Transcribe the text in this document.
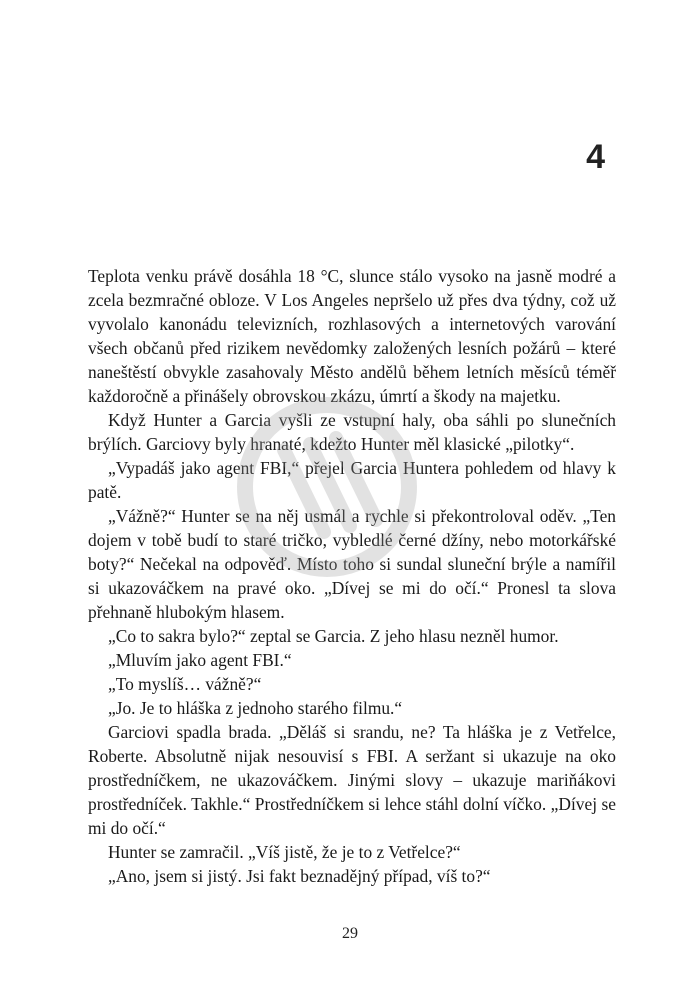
4

Teplota venku právě dosáhla 18 °C, slunce stálo vysoko na jasně modré a zcela bezmračné obloze. V Los Angeles nepršelo už přes dva týdny, což už vyvolalo kanonádu televizních, rozhlasových a internetových varování všech občanů před rizikem nevědomky založených lesních požárů – které naneštěstí obvykle zasahovaly Město andělů během letních měsíců téměř každoročně a přinášely obrovskou zkázu, úmrtí a škody na majetku.

Když Hunter a Garcia vyšli ze vstupní haly, oba sáhli po slunečních brýlích. Garciovy byly hranaté, kdežto Hunter měl klasické „pilotky“.

„Vypadáš jako agent FBI,“ přejel Garcia Huntera pohledem od hlavy k patě.

„Vážně?“ Hunter se na něj usmál a rychle si překontroloval oděv. „Ten dojem v tobě budí to staré tričko, vybledlé černé džíny, nebo motorkářské boty?“ Nečekal na odpověď. Místo toho si sundal sluneční brýle a namířil si ukazováčkem na pravé oko. „Dívej se mi do očí.“ Pronesl ta slova přehnaně hlubokým hlasem.

„Co to sakra bylo?“ zeptal se Garcia. Z jeho hlasu nezněl humor.

„Mluvím jako agent FBI.“

„To myslíš… vážně?“

„Jo. Je to hláška z jednoho starého filmu.“

Garciovi spadla brada. „Děláš si srandu, ne? Ta hláška je z Vetřelce, Roberte. Absolutně nijak nesouvisí s FBI. A seržant si ukazuje na oko prostředníčkem, ne ukazováčkem. Jinými slovy – ukazuje mariňákovi prostředníček. Takhle.“ Prostředníčkem si lehce stáhl dolní víčko. „Dívej se mi do očí.“

Hunter se zamračil. „Víš jistě, že je to z Vetřelce?“

„Ano, jsem si jistý. Jsi fakt beznadějný případ, víš to?“

29
